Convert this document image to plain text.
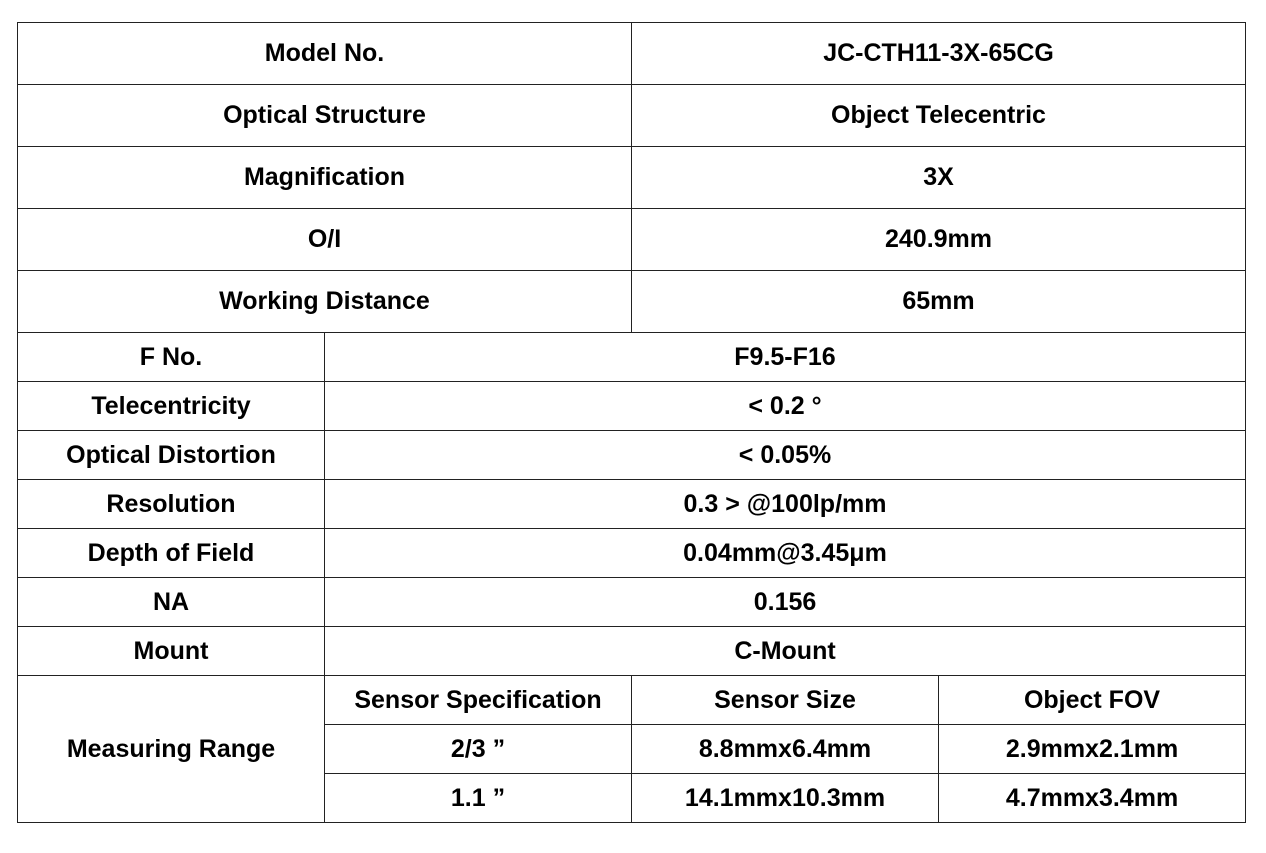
Model No.		JC-CTH11-3X-65CG	
Optical Structure		Object Telecentric	
Magnification		3X	
O/I		240.9mm	
Working Distance		65mm	
F No.	F9.5-F16		
Telecentricity	< 0.2 °		
Optical Distortion	< 0.05%		
Resolution	0.3 > @100lp/mm		
Depth of Field	0.04mm@3.45μm		
NA	0.156		
Mount	C-Mount		
Measuring Range	Sensor Specification	Sensor Size	Object FOV
	2/3 ”	8.8mmx6.4mm	2.9mmx2.1mm
	1.1 ”	14.1mmx10.3mm	4.7mmx3.4mm
